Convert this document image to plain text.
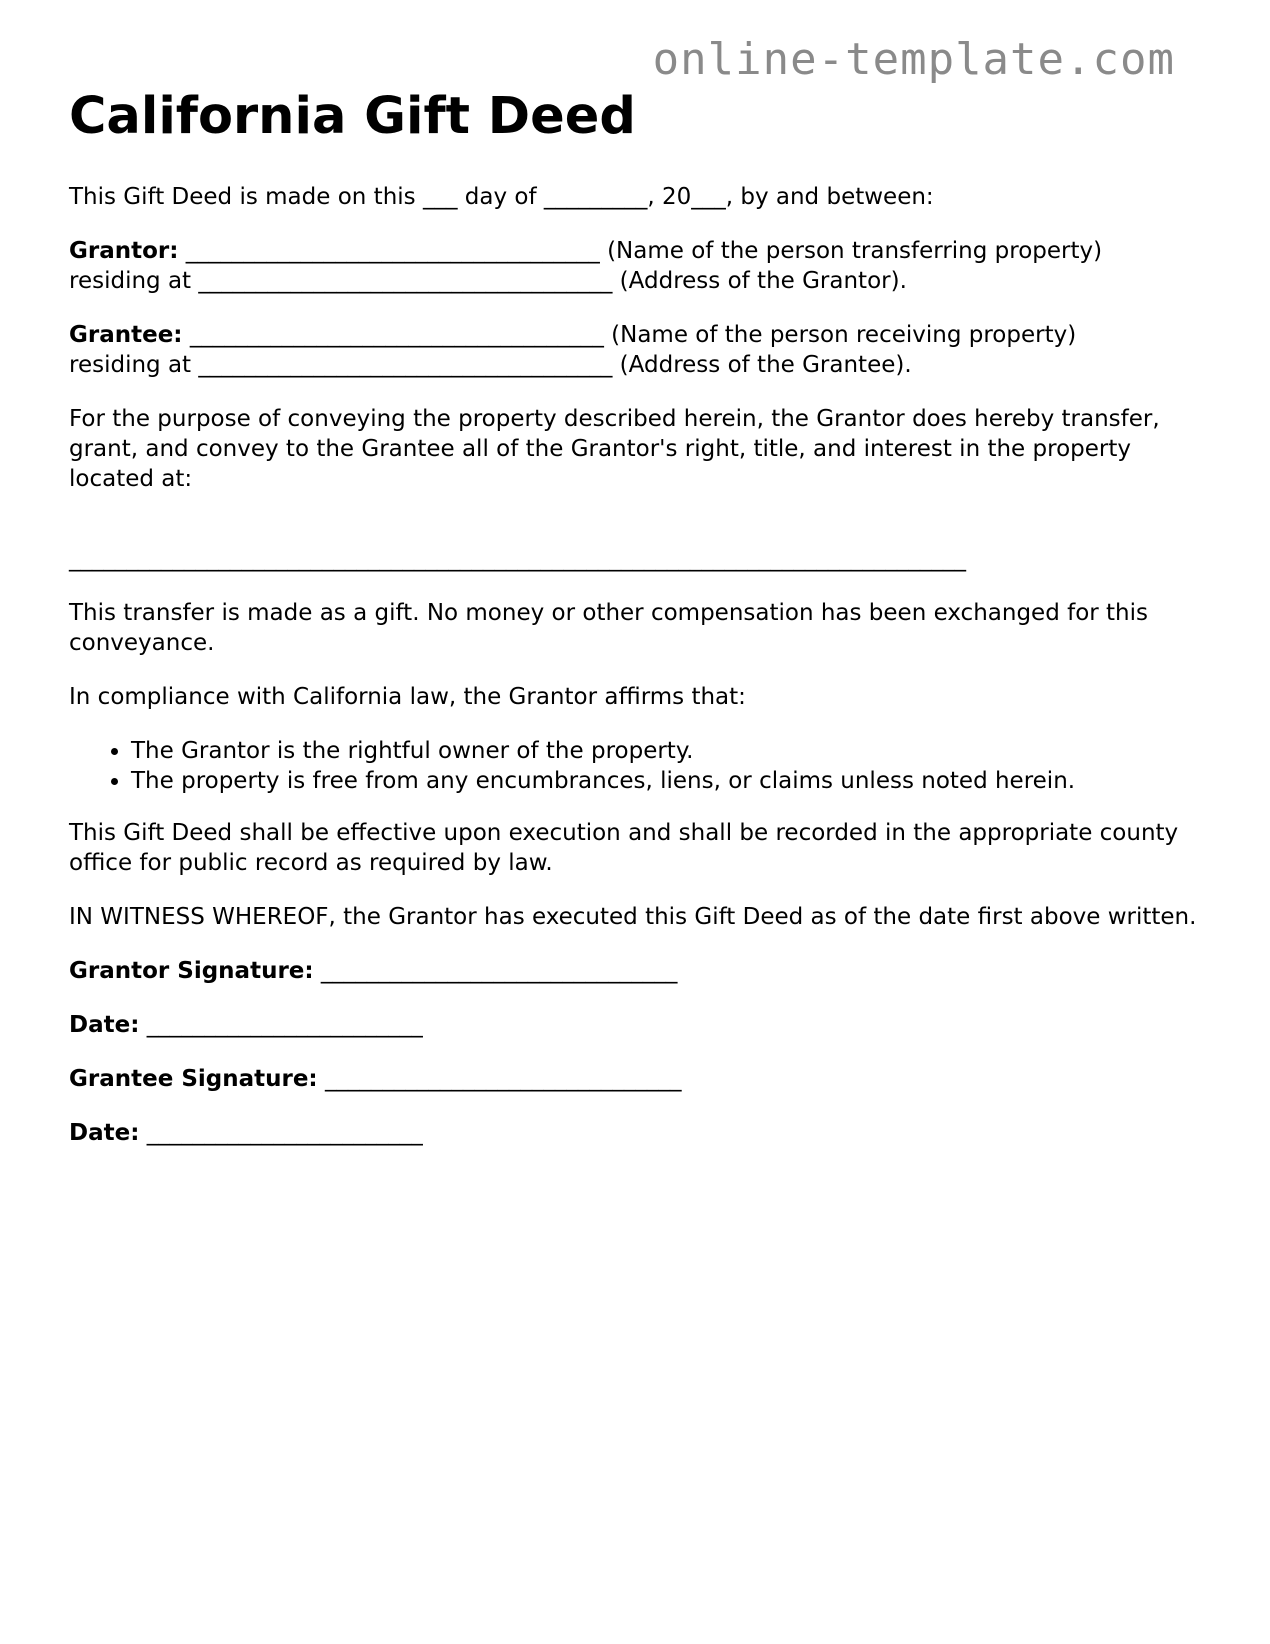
online-template.com
California Gift Deed

This Gift Deed is made on this ___ day of _________, 20___, by and between:

Grantor: ____________________________________ (Name of the person transferring property)
residing at ____________________________________ (Address of the Grantor).

Grantee: ____________________________________ (Name of the person receiving property)
residing at ____________________________________ (Address of the Grantee).

For the purpose of conveying the property described herein, the Grantor does hereby transfer, grant, and convey to the Grantee all of the Grantor's right, title, and interest in the property located at:

______________________________________________________________________________

This transfer is made as a gift. No money or other compensation has been exchanged for this conveyance.

In compliance with California law, the Grantor affirms that:

• The Grantor is the rightful owner of the property.
• The property is free from any encumbrances, liens, or claims unless noted herein.

This Gift Deed shall be effective upon execution and shall be recorded in the appropriate county office for public record as required by law.

IN WITNESS WHEREOF, the Grantor has executed this Gift Deed as of the date first above written.

Grantor Signature: _______________________________

Date: ________________________

Grantee Signature: _______________________________

Date: ________________________
